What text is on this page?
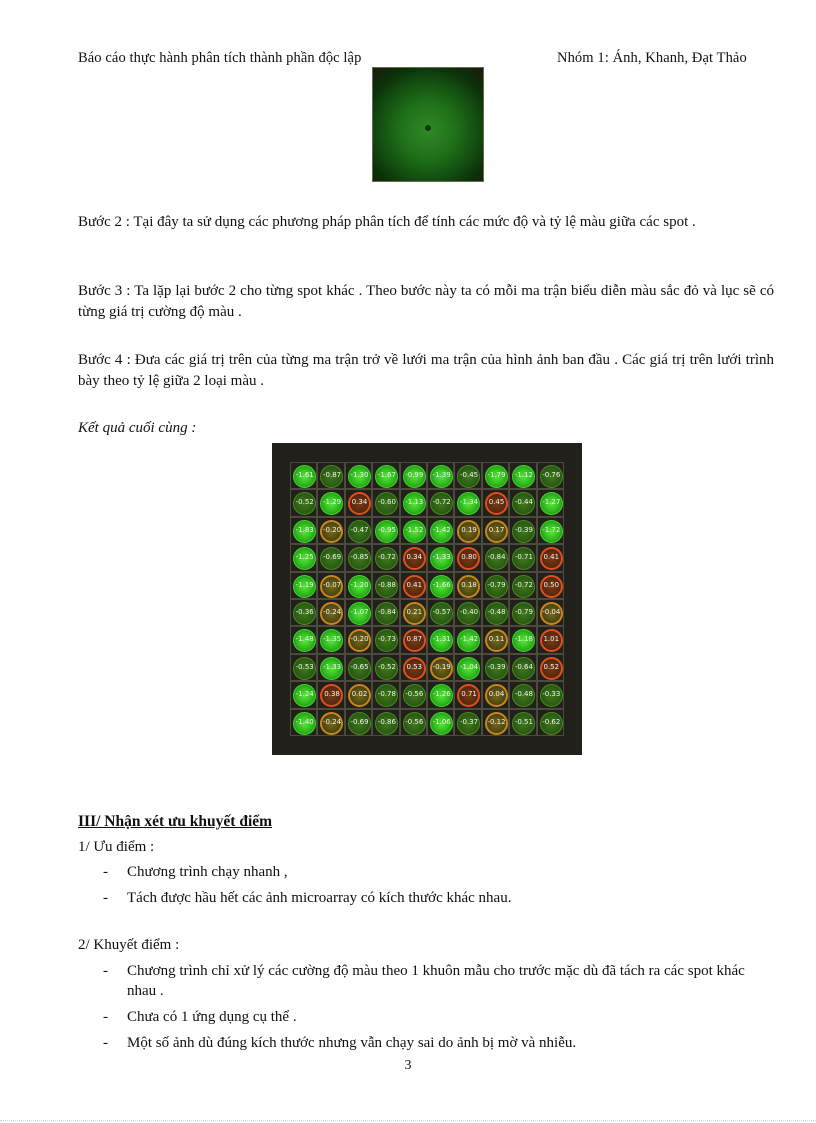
Báo cáo thực hành phân tích thành phần độc lập	Nhóm 1: Ánh, Khanh, Đạt Thảo
Bước 2 : Tại đây ta sử dụng các phương pháp phân tích để tính các mức độ và tỷ lệ màu giữa các spot .
Bước 3 : Ta lặp lại bước 2 cho từng spot khác . Theo bước này ta có mỗi ma trận biểu diễn màu sắc đỏ và lục sẽ có từng giá trị cường độ màu .
Bước 4 : Đưa các giá trị trên của từng ma trận trở về lưới ma trận của hình ảnh ban đầu . Các giá trị trên lưới trình bày theo tỷ lệ giữa 2 loại màu .
Kết quả cuối cùng :
-1.61	-0.87	-1.30	-1.67	-0.99	-1.39	-0.45	-1.79	-1.12	-0.76
-0.52	-1.29	0.34	-0.60	-1.13	-0.72	-1.34	0.45	-0.44	-1.27
-1.83	-0.20	-0.47	-0.95	-1.52	-1.42	0.19	0.17	-0.39	-1.72
-1.25	-0.69	-0.85	-0.72	0.34	-1.33	0.80	-0.84	-0.71	0.41
-1.19	-0.07	-1.20	-0.88	0.41	-1.66	0.18	-0.79	-0.72	0.50
-0.36	-0.24	-1.07	-0.84	0.21	-0.57	-0.40	-0.48	-0.79	-0.04
-1.48	-1.35	-0.20	-0.73	0.87	-1.31	-1.42	0.11	-1.18	1.01
-0.53	-1.33	-0.65	-0.52	0.53	-0.19	-1.04	-0.39	-0.64	0.52
-1.24	0.38	0.02	-0.78	-0.56	-1.26	0.71	0.04	-0.48	-0.33
-1.40	-0.24	-0.69	-0.86	-0.56	-1.06	-0.37	-0.12	-0.51	-0.62
III/ Nhận xét ưu khuyết điểm
1/ Ưu điểm :
- Chương trình chạy nhanh ,
- Tách được hầu hết các ảnh microarray có kích thước khác nhau.
2/ Khuyết điểm :
- Chương trình chỉ xử lý các cường độ màu theo 1 khuôn mẫu cho trước mặc dù đã tách ra các spot khác nhau .
- Chưa có 1 ứng dụng cụ thể .
- Một số ảnh dù đúng kích thước nhưng vẫn chạy sai do ảnh bị mờ và nhiễu.
3
